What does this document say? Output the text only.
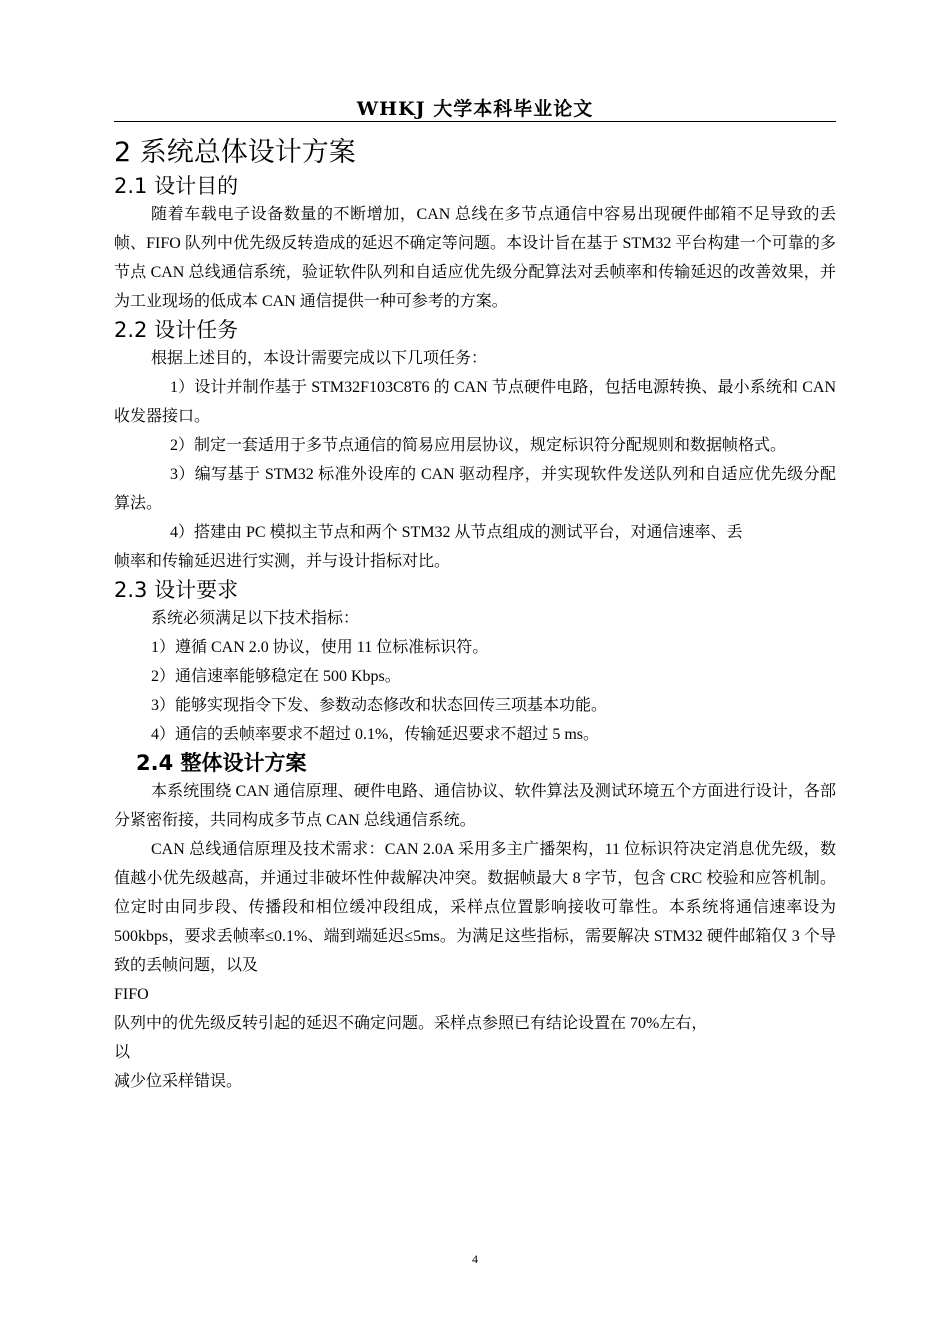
WHKJ 大学本科毕业论文
2 系统总体设计方案
2.1 设计目的

随着车载电子设备数量的不断增加，CAN 总线在多节点通信中容易出现硬件邮箱不足导致的丢帧、FIFO 队列中优先级反转造成的延迟不确定等问题。本设计旨在基于 STM32 平台构建一个可靠的多节点 CAN 总线通信系统，验证软件队列和自适应优先级分配算法对丢帧率和传输延迟的改善效果，并为工业现场的低成本 CAN 通信提供一种可参考的方案。

2.2 设计任务

根据上述目的，本设计需要完成以下几项任务：

1）设计并制作基于 STM32F103C8T6 的 CAN 节点硬件电路，包括电源转换、最小系统和 CAN 收发器接口。

2）制定一套适用于多节点通信的简易应用层协议，规定标识符分配规则和数据帧格式。

3）编写基于 STM32 标准外设库的 CAN 驱动程序，并实现软件发送队列和自适应优先级分配算法。

4）搭建由 PC 模拟主节点和两个 STM32 从节点组成的测试平台，对通信速率、丢

帧率和传输延迟进行实测，并与设计指标对比。

2.3 设计要求

系统必须满足以下技术指标：

1）遵循 CAN 2.0 协议，使用 11 位标准标识符。

2）通信速率能够稳定在 500 Kbps。

3）能够实现指令下发、参数动态修改和状态回传三项基本功能。

4）通信的丢帧率要求不超过 0.1%，传输延迟要求不超过 5 ms。

2.4 整体设计方案

本系统围绕 CAN 通信原理、硬件电路、通信协议、软件算法及测试环境五个方面进行设计，各部分紧密衔接，共同构成多节点 CAN 总线通信系统。

CAN 总线通信原理及技术需求：CAN 2.0A 采用多主广播架构，11 位标识符决定消息优先级，数值越小优先级越高，并通过非破坏性仲裁解决冲突。数据帧最大 8 字节，包含 CRC 校验和应答机制。位定时由同步段、传播段和相位缓冲段组成，采样点位置影响接收可靠性。本系统将通信速率设为 500kbps，要求丢帧率≤0.1%、端到端延迟≤5ms。为满足这些指标，需要解决 STM32 硬件邮箱仅 3 个导致的丢帧问题，以及

FIFO

队列中的优先级反转引起的延迟不确定问题。采样点参照已有结论设置在 70%左右，

以

减少位采样错误。

4
